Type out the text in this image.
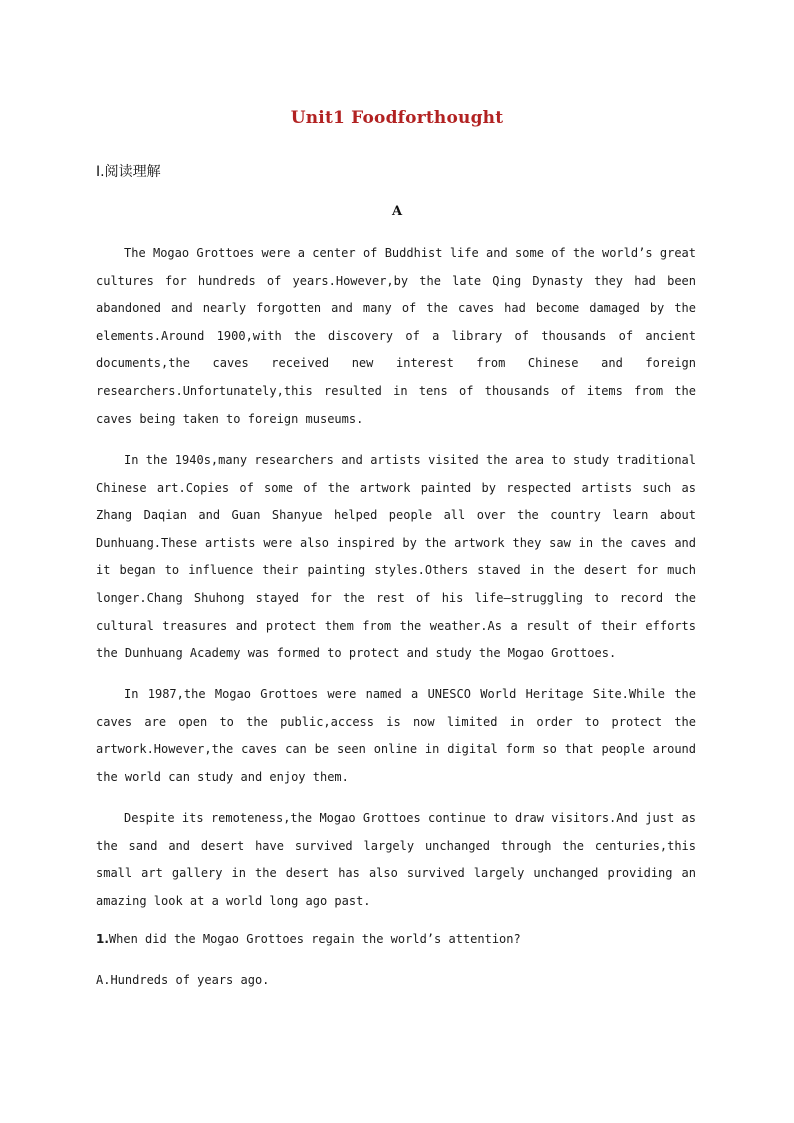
Unit1 Foodforthought
Ⅰ.阅读理解
A

The Mogao Grottoes were a center of Buddhist life and some of the world’s great cultures for hundreds of years.However,by the late Qing Dynasty they had been abandoned and nearly forgotten and many of the caves had become damaged by the elements.Around 1900,with the discovery of a library of thousands of ancient documents,the caves received new interest from Chinese and foreign researchers.Unfortunately,this resulted in tens of thousands of items from the caves being taken to foreign museums.

In the 1940s,many researchers and artists visited the area to study traditional Chinese art.Copies of some of the artwork painted by respected artists such as Zhang Daqian and Guan Shanyue helped people all over the country learn about Dunhuang.These artists were also inspired by the artwork they saw in the caves and it began to influence their painting styles.Others staved in the desert for much longer.Chang Shuhong stayed for the rest of his life—struggling to record the cultural treasures and protect them from the weather.As a result of their efforts the Dunhuang Academy was formed to protect and study the Mogao Grottoes.

In 1987,the Mogao Grottoes were named a UNESCO World Heritage Site.While the caves are open to the public,access is now limited in order to protect the artwork.However,the caves can be seen online in digital form so that people around the world can study and enjoy them.

Despite its remoteness,the Mogao Grottoes continue to draw visitors.And just as the sand and desert have survived largely unchanged through the centuries,this small art gallery in the desert has also survived largely unchanged providing an amazing look at a world long ago past.

1.When did the Mogao Grottoes regain the world’s attention?
A.Hundreds of years ago.
